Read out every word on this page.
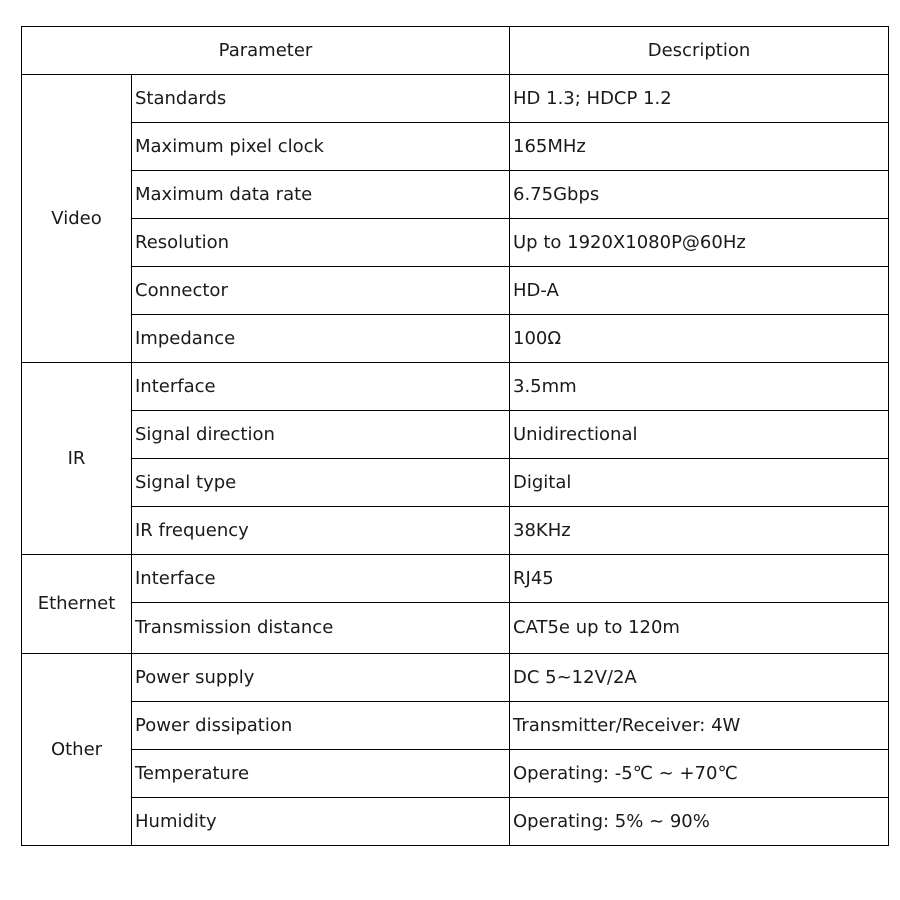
Parameter		Description
Video	Standards	HD 1.3; HDCP 1.2
	Maximum pixel clock	165MHz
	Maximum data rate	6.75Gbps
	Resolution	Up to 1920X1080P@60Hz
	Connector	HD-A
	Impedance	100Ω
IR	Interface	3.5mm
	Signal direction	Unidirectional
	Signal type	Digital
	IR frequency	38KHz
Ethernet	Interface	RJ45
	Transmission distance	CAT5e up to 120m
Other	Power supply	DC 5~12V/2A
	Power dissipation	Transmitter/Receiver: 4W
	Temperature	Operating: -5℃ ~ +70℃
	Humidity	Operating: 5% ~ 90%
